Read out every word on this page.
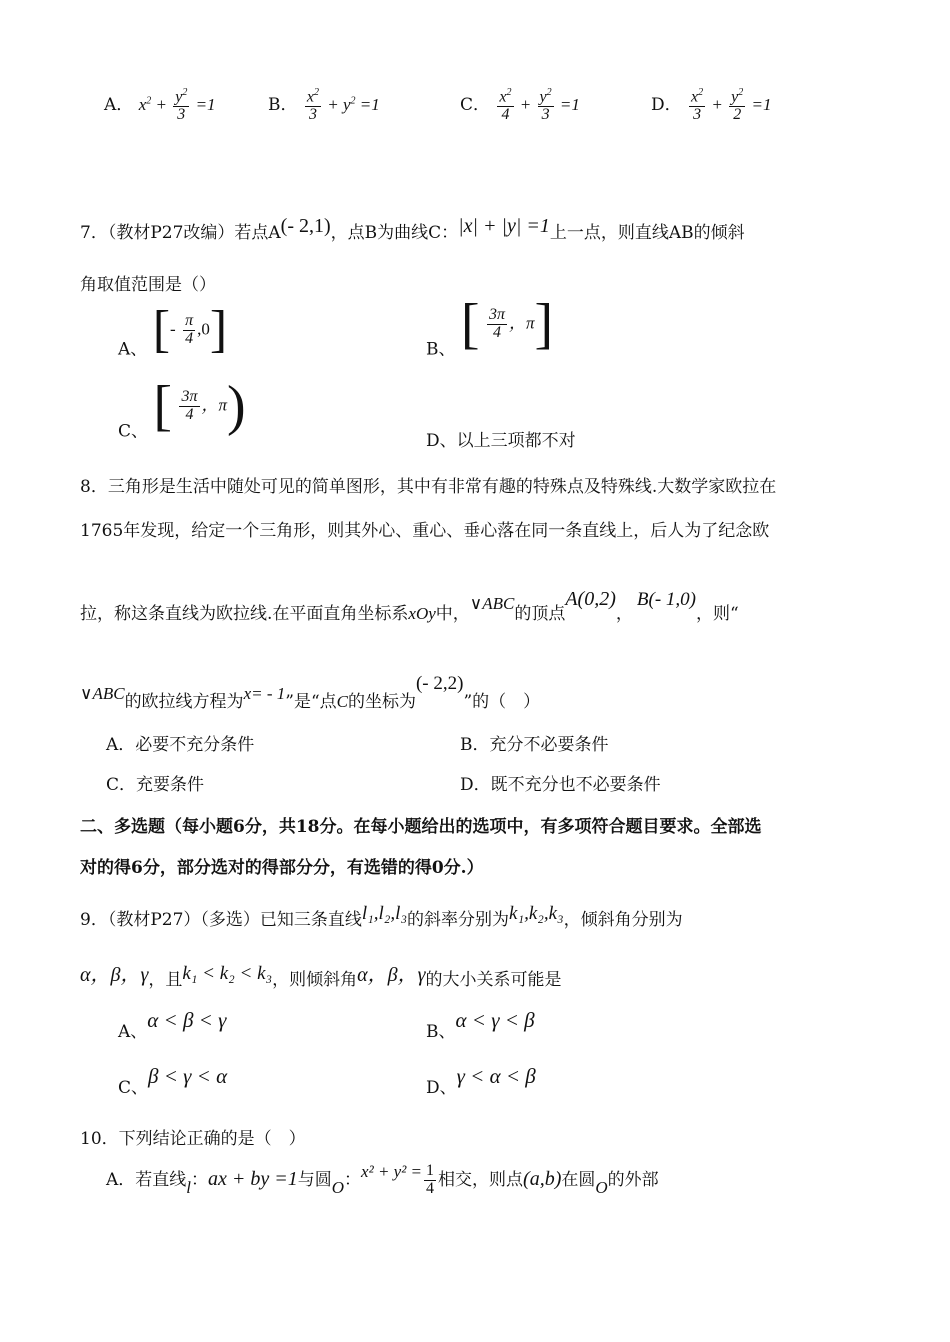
A． $x^2 + \frac{y^2}{3} =1$	B． $\frac{x^2}{3} + y^2 =1$	C． $\frac{x^2}{4} + \frac{y^2}{3} =1$	D． $\frac{x^2}{3} + \frac{y^2}{2} =1$
7．（教材P27改编）若点A(- 2,1)，点B为曲线C：|x| + |y| =1上一点，则直线AB的倾斜
角取值范围是（）
A、 [- $\frac{\pi}{4} ,0$]	B、 [ $\frac{3\pi}{4}$ ，π]
C、 [ $\frac{3\pi}{4}$ ，π)
D、以上三项都不对
8．三角形是生活中随处可见的简单图形，其中有非常有趣的特殊点及特殊线.大数学家欧拉在
1765年发现，给定一个三角形，则其外心、重心、垂心落在同一条直线上，后人为了纪念欧
拉，称这条直线为欧拉线.在平面直角坐标系xOy中，∨ABC的顶点A(0,2)，B(- 1,0)，则“
∨ABC的欧拉线方程为x= - 1”是“点C的坐标为(- 2,2)”的（　）
A．必要不充分条件	B．充分不必要条件
C．充要条件	D．既不充分也不必要条件
二、多选题（每小题6分，共18分。在每小题给出的选项中，有多项符合题目要求。全部选
对的得6分，部分选对的得部分分，有选错的得0分.）
9．（教材P27）（多选）已知三条直线l₁,l₂,l₃的斜率分别为k₁,k₂,k₃，倾斜角分别为
α，β，γ，且k₁ < k₂ < k₃，则倾斜角α，β，γ的大小关系可能是
A、α < β < γ	B、α < γ < β
C、β < γ < α	D、γ < α < β
10．下列结论正确的是（　）
A．若直线l：ax + by =1与圆O：$x^2 + y^2 = \frac{1}{4}$ 相交，则点(a,b)在圆O的外部
